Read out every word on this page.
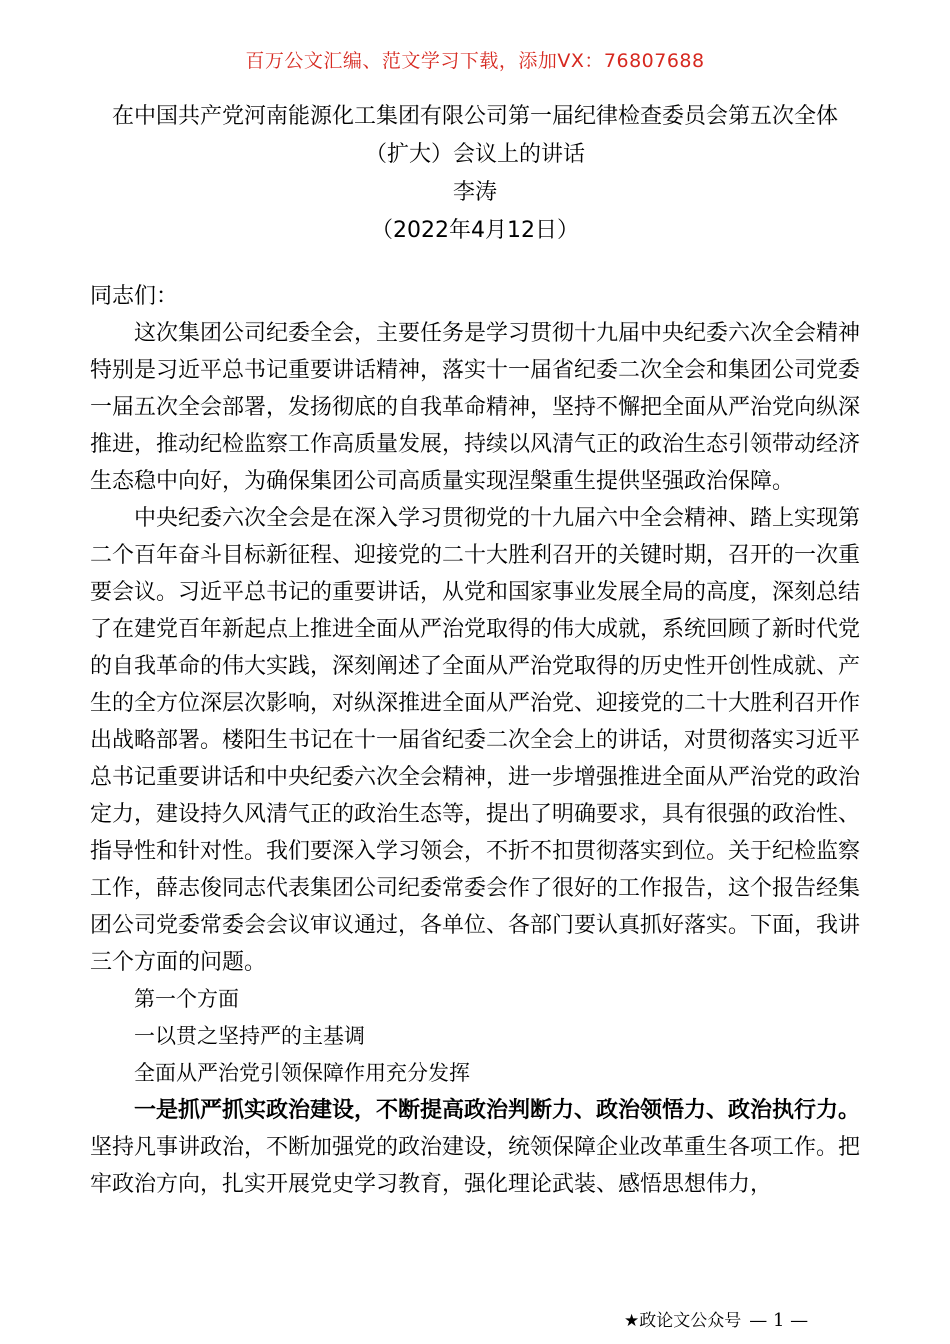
百万公文汇编、范文学习下载，添加VX：76807688
在中国共产党河南能源化工集团有限公司第一届纪律检查委员会第五次全体
（扩大）会议上的讲话
李涛
（2022年4月12日）

同志们：

这次集团公司纪委全会，主要任务是学习贯彻十九届中央纪委六次全会精神特别是习近平总书记重要讲话精神，落实十一届省纪委二次全会和集团公司党委一届五次全会部署，发扬彻底的自我革命精神，坚持不懈把全面从严治党向纵深推进，推动纪检监察工作高质量发展，持续以风清气正的政治生态引领带动经济生态稳中向好，为确保集团公司高质量实现涅槃重生提供坚强政治保障。

中央纪委六次全会是在深入学习贯彻党的十九届六中全会精神、踏上实现第二个百年奋斗目标新征程、迎接党的二十大胜利召开的关键时期，召开的一次重要会议。习近平总书记的重要讲话，从党和国家事业发展全局的高度，深刻总结了在建党百年新起点上推进全面从严治党取得的伟大成就，系统回顾了新时代党的自我革命的伟大实践，深刻阐述了全面从严治党取得的历史性开创性成就、产生的全方位深层次影响，对纵深推进全面从严治党、迎接党的二十大胜利召开作出战略部署。楼阳生书记在十一届省纪委二次全会上的讲话，对贯彻落实习近平总书记重要讲话和中央纪委六次全会精神，进一步增强推进全面从严治党的政治定力，建设持久风清气正的政治生态等，提出了明确要求，具有很强的政治性、指导性和针对性。我们要深入学习领会，不折不扣贯彻落实到位。关于纪检监察工作，薛志俊同志代表集团公司纪委常委会作了很好的工作报告，这个报告经集团公司党委常委会会议审议通过，各单位、各部门要认真抓好落实。下面，我讲三个方面的问题。

第一个方面

一以贯之坚持严的主基调

全面从严治党引领保障作用充分发挥

一是抓严抓实政治建设，不断提高政治判断力、政治领悟力、政治执行力。坚持凡事讲政治，不断加强党的政治建设，统领保障企业改革重生各项工作。把牢政治方向，扎实开展党史学习教育，强化理论武装、感悟思想伟力，

★政论文公众号 — 1 —
